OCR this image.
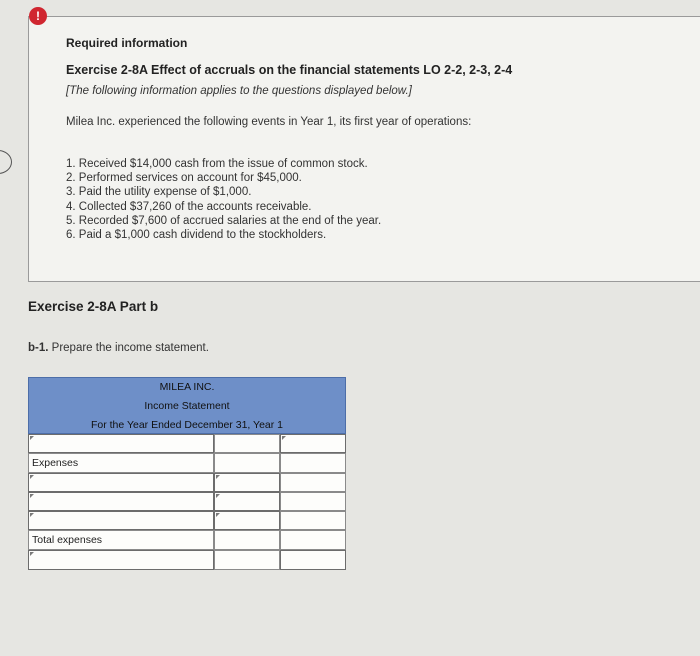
!
Required information
Exercise 2-8A Effect of accruals on the financial statements LO 2-2, 2-3, 2-4
[The following information applies to the questions displayed below.]
Milea Inc. experienced the following events in Year 1, its first year of operations:
1. Received $14,000 cash from the issue of common stock.
2. Performed services on account for $45,000.
3. Paid the utility expense of $1,000.
4. Collected $37,260 of the accounts receivable.
5. Recorded $7,600 of accrued salaries at the end of the year.
6. Paid a $1,000 cash dividend to the stockholders.
Exercise 2-8A Part b
b-1. Prepare the income statement.
MILEA INC.
Income Statement
For the Year Ended December 31, Year 1
Expenses
Total expenses
